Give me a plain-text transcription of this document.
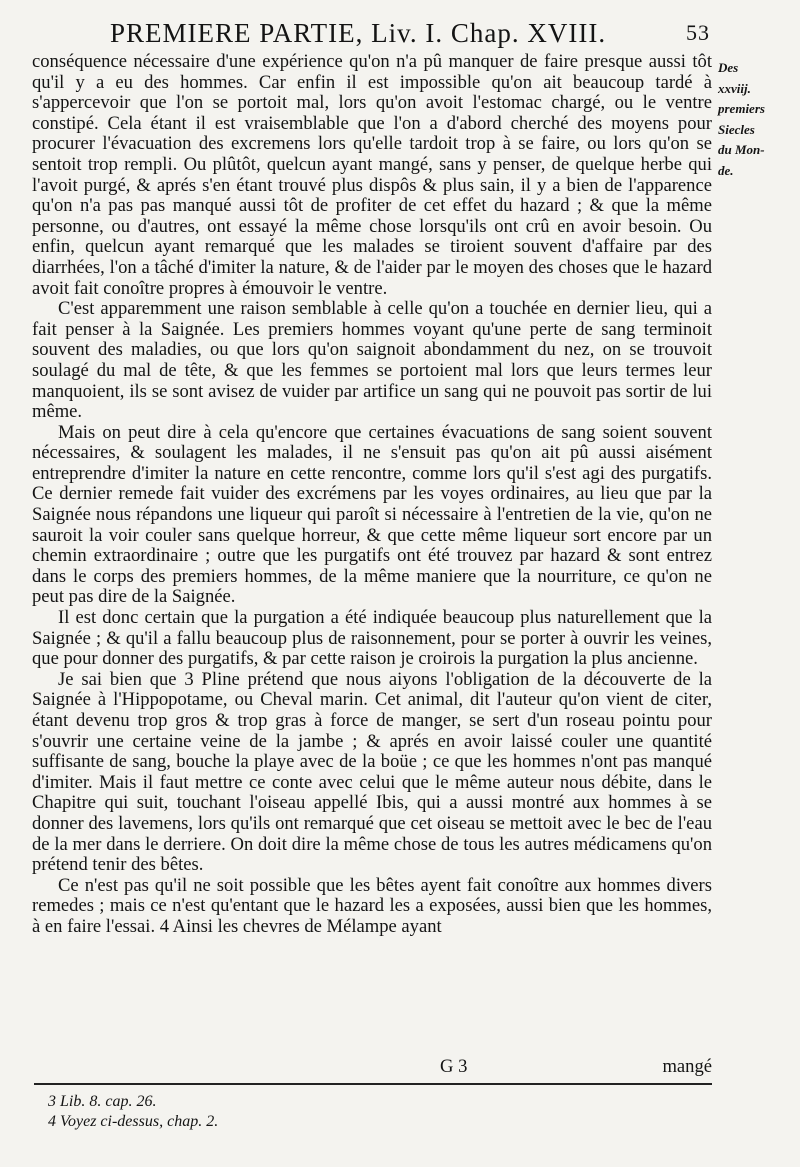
PREMIERE PARTIE, Liv. I. Chap. XVIII.	53
Des
xxviij.
premiers
Siecles
du Mon-
de.

conséquence nécessaire d'une expérience qu'on n'a pû manquer de faire presque aussi tôt qu'il y a eu des hommes. Car enfin il est impossible qu'on ait beaucoup tardé à s'appercevoir que l'on se portoit mal, lors qu'on avoit l'estomac chargé, ou le ventre constipé. Cela étant il est vraisemblable que l'on a d'abord cherché des moyens pour procurer l'évacuation des excremens lors qu'elle tardoit trop à se faire, ou lors qu'on se sentoit trop rempli. Ou plûtôt, quelcun ayant mangé, sans y penser, de quelque herbe qui l'avoit purgé, & aprés s'en étant trouvé plus dispôs & plus sain, il y a bien de l'apparence qu'on n'a pas pas manqué aussi tôt de profiter de cet effet du hazard ; & que la même personne, ou d'autres, ont essayé la même chose lorsqu'ils ont crû en avoir besoin. Ou enfin, quelcun ayant remarqué que les malades se tiroient souvent d'affaire par des diarrhées, l'on a tâché d'imiter la nature, & de l'aider par le moyen des choses que le hazard avoit fait conoître propres à émouvoir le ventre.

C'est apparemment une raison semblable à celle qu'on a touchée en dernier lieu, qui a fait penser à la Saignée. Les premiers hommes voyant qu'une perte de sang terminoit souvent des maladies, ou que lors qu'on saignoit abondamment du nez, on se trouvoit soulagé du mal de tête, & que les femmes se portoient mal lors que leurs termes leur manquoient, ils se sont avisez de vuider par artifice un sang qui ne pouvoit pas sortir de lui même.

Mais on peut dire à cela qu'encore que certaines évacuations de sang soient souvent nécessaires, & soulagent les malades, il ne s'ensuit pas qu'on ait pû aussi aisément entreprendre d'imiter la nature en cette rencontre, comme lors qu'il s'est agi des purgatifs. Ce dernier remede fait vuider des excrémens par les voyes ordinaires, au lieu que par la Saignée nous répandons une liqueur qui paroît si nécessaire à l'entretien de la vie, qu'on ne sauroit la voir couler sans quelque horreur, & que cette même liqueur sort encore par un chemin extraordinaire ; outre que les purgatifs ont été trouvez par hazard & sont entrez dans le corps des premiers hommes, de la même maniere que la nourriture, ce qu'on ne peut pas dire de la Saignée.

Il est donc certain que la purgation a été indiquée beaucoup plus naturellement que la Saignée ; & qu'il a fallu beaucoup plus de raisonnement, pour se porter à ouvrir les veines, que pour donner des purgatifs, & par cette raison je croirois la purgation la plus ancienne.

Je sai bien que 3 Pline prétend que nous aiyons l'obligation de la découverte de la Saignée à l'Hippopotame, ou Cheval marin. Cet animal, dit l'auteur qu'on vient de citer, étant devenu trop gros & trop gras à force de manger, se sert d'un roseau pointu pour s'ouvrir une certaine veine de la jambe ; & aprés en avoir laissé couler une quantité suffisante de sang, bouche la playe avec de la boüe ; ce que les hommes n'ont pas manqué d'imiter. Mais il faut mettre ce conte avec celui que le même auteur nous débite, dans le Chapitre qui suit, touchant l'oiseau appellé Ibis, qui a aussi montré aux hommes à se donner des lavemens, lors qu'ils ont remarqué que cet oiseau se mettoit avec le bec de l'eau de la mer dans le derriere. On doit dire la même chose de tous les autres médicamens qu'on prétend tenir des bêtes.

Ce n'est pas qu'il ne soit possible que les bêtes ayent fait conoître aux hommes divers remedes ; mais ce n'est qu'entant que le hazard les a exposées, aussi bien que les hommes, à en faire l'essai. 4 Ainsi les chevres de Mélampe ayant

G 3	mangé
3 Lib. 8. cap. 26.
4 Voyez ci-dessus, chap. 2.
